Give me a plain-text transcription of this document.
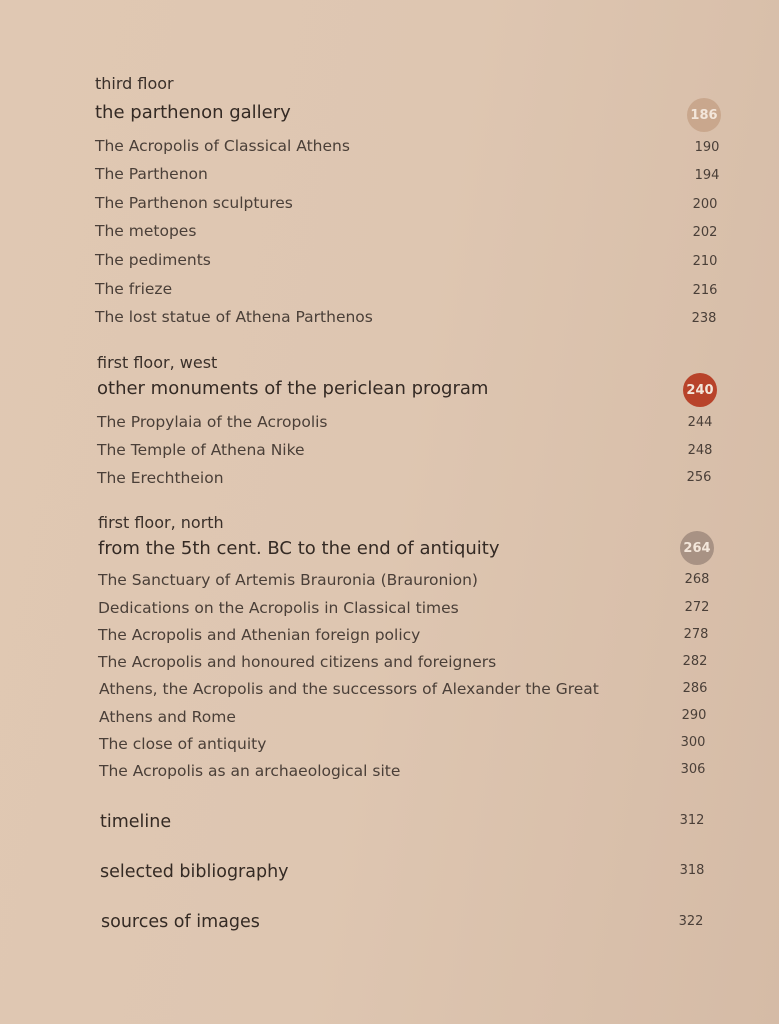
third floor
the parthenon gallery	186
The Acropolis of Classical Athens	190
The Parthenon	194
The Parthenon sculptures	200
The metopes	202
The pediments	210
The frieze	216
The lost statue of Athena Parthenos	238
first floor, west
other monuments of the periclean program	240
The Propylaia of the Acropolis	244
The Temple of Athena Nike	248
The Erechtheion	256
first floor, north
from the 5th cent. BC to the end of antiquity	264
The Sanctuary of Artemis Brauronia (Brauronion)	268
Dedications on the Acropolis in Classical times	272
The Acropolis and Athenian foreign policy	278
The Acropolis and honoured citizens and foreigners	282
Athens, the Acropolis and the successors of Alexander the Great	286
Athens and Rome	290
The close of antiquity	300
The Acropolis as an archaeological site	306
timeline	312
selected bibliography	318
sources of images	322
